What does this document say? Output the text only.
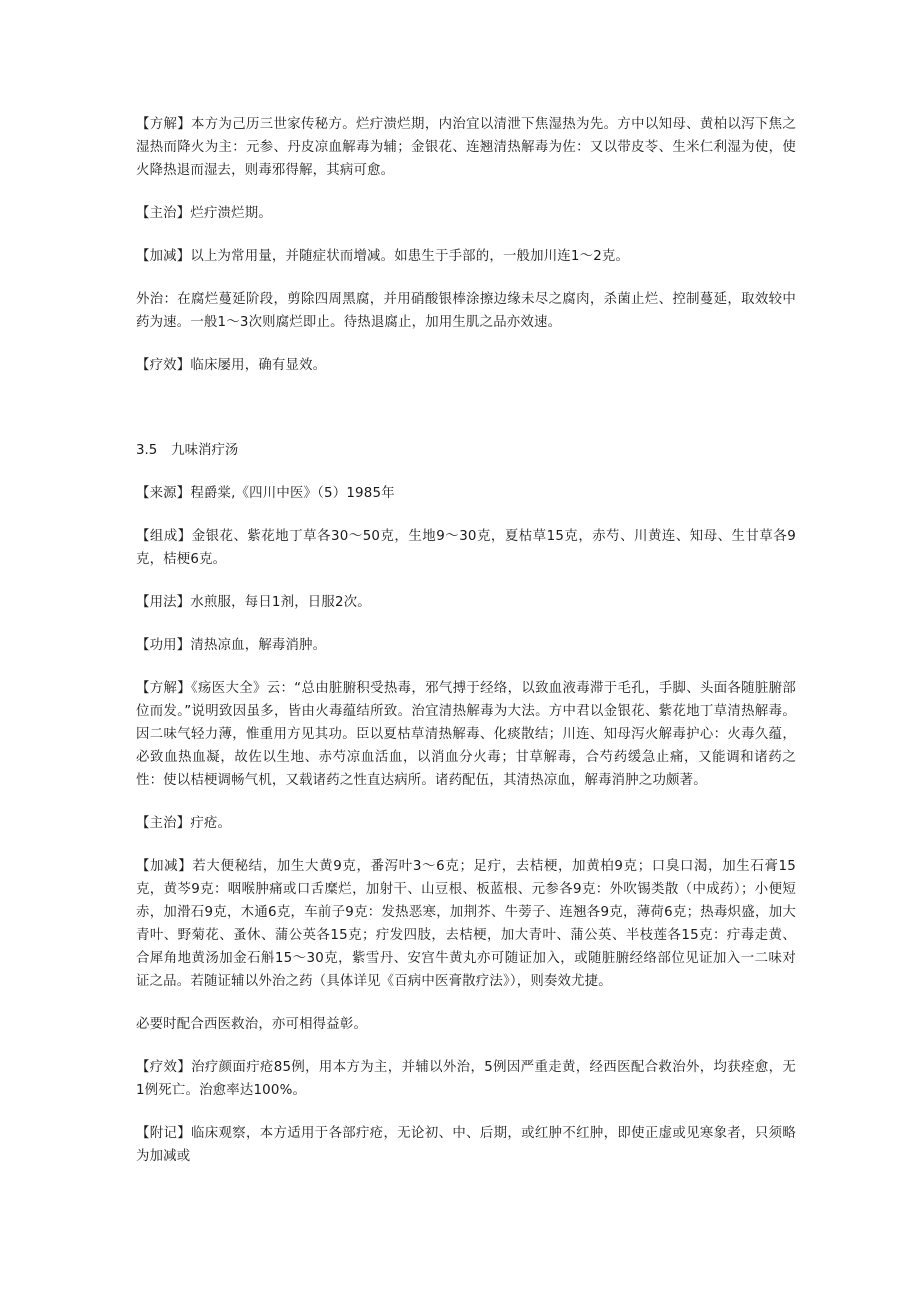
【方解】本方为己历三世家传秘方。烂疔溃烂期，内治宜以清泄下焦湿热为先。方中以知母、黄柏以泻下焦之湿热而降火为主：元参、丹皮凉血解毒为辅；金银花、连翘清热解毒为佐：又以带皮苓、生米仁利湿为使，使火降热退而湿去，则毒邪得解，其病可愈。

【主治】烂疔溃烂期。

【加减】以上为常用量，并随症状而增减。如患生于手部的，一般加川连1～2克。

外治：在腐烂蔓延阶段，剪除四周黑腐，并用硝酸银棒涂擦边缘未尽之腐肉，杀菌止烂、控制蔓延，取效较中药为速。一般1～3次则腐烂即止。待热退腐止，加用生肌之品亦效速。

【疗效】临床屡用，确有显效。

3.5 九味消疔汤

【来源】程爵棠,《四川中医》（5）1985年

【组成】金银花、紫花地丁草各30～50克，生地9～30克，夏枯草15克，赤芍、川黄连、知母、生甘草各9克，桔梗6克。

【用法】水煎服，每日1剂，日服2次。

【功用】清热凉血，解毒消肿。

【方解】《疡医大全》云：“总由脏腑积受热毒，邪气搏于经络，以致血液毒滞于毛孔，手脚、头面各随脏腑部位而发。”说明致因虽多，皆由火毒蕴结所致。治宜清热解毒为大法。方中君以金银花、紫花地丁草清热解毒。因二味气轻力薄，惟重用方见其功。臣以夏枯草清热解毒、化痰散结；川连、知母泻火解毒护心：火毒久蕴，必致血热血凝，故佐以生地、赤芍凉血活血，以消血分火毒；甘草解毒，合芍药缓急止痛，又能调和诸药之性：使以桔梗调畅气机，又载诸药之性直达病所。诸药配伍，其清热凉血，解毒消肿之功颇著。

【主治】疔疮。

【加减】若大便秘结，加生大黄9克，番泻叶3～6克；足疔，去桔梗，加黄柏9克；口臭口渴，加生石膏15克，黄芩9克：咽喉肿痛或口舌糜烂，加射干、山豆根、板蓝根、元参各9克：外吹锡类散（中成药）；小便短赤，加滑石9克，木通6克，车前子9克：发热恶寒，加荆芥、牛蒡子、连翘各9克，薄荷6克；热毒炽盛，加大青叶、野菊花、蚤休、蒲公英各15克；疔发四肢，去桔梗，加大青叶、蒲公英、半枝莲各15克：疔毒走黄、合犀角地黄汤加金石斛15～30克，紫雪丹、安宫牛黄丸亦可随证加入，或随脏腑经络部位见证加入一二味对证之品。若随证辅以外治之药（具体详见《百病中医膏散疗法》），则奏效尤捷。

必要时配合西医救治，亦可相得益彰。

【疗效】治疗颜面疔疮85例，用本方为主，并辅以外治，5例因严重走黄，经西医配合救治外，均获痊愈，无1例死亡。治愈率达100%。

【附记】临床观察，本方适用于各部疔疮，无论初、中、后期，或红肿不红肿，即使正虚或见寒象者，只须略为加减或
